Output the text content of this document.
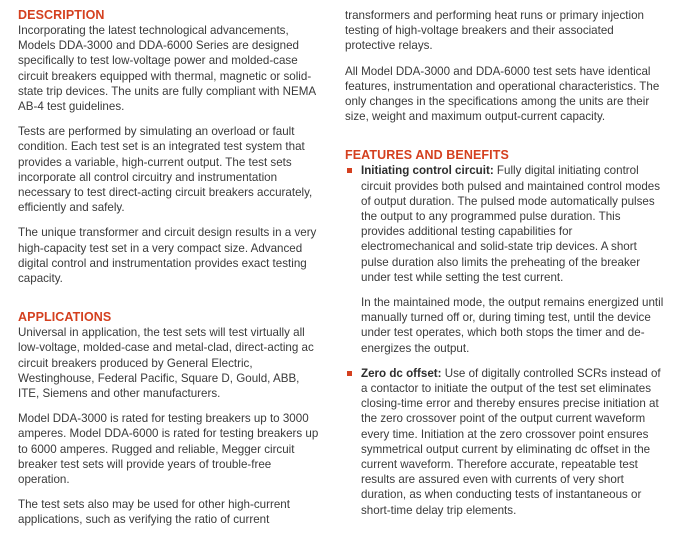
DESCRIPTION

Incorporating the latest technological advancements, Models DDA-3000 and DDA-6000 Series are designed specifically to test low-voltage power and molded-case circuit breakers equipped with thermal, magnetic or solid-state trip devices. The units are fully compliant with NEMA AB-4 test guidelines.

Tests are performed by simulating an overload or fault condition. Each test set is an integrated test system that provides a variable, high-current output. The test sets incorporate all control circuitry and instrumentation necessary to test direct-acting circuit breakers accurately, efficiently and safely.

The unique transformer and circuit design results in a very high-capacity test set in a very compact size. Advanced digital control and instrumentation provides exact testing capacity.

APPLICATIONS

Universal in application, the test sets will test virtually all low-voltage, molded-case and metal-clad, direct-acting ac circuit breakers produced by General Electric, Westinghouse, Federal Pacific, Square D, Gould, ABB, ITE, Siemens and other manufacturers.

Model DDA-3000 is rated for testing breakers up to 3000 amperes. Model DDA-6000 is rated for testing breakers up to 6000 amperes. Rugged and reliable, Megger circuit breaker test sets will provide years of trouble-free operation.

The test sets also may be used for other high-current applications, such as verifying the ratio of current

transformers and performing heat runs or primary injection testing of high-voltage breakers and their associated protective relays.

All Model DDA-3000 and DDA-6000 test sets have identical features, instrumentation and operational characteristics. The only changes in the specifications among the units are their size, weight and maximum output-current capacity.

FEATURES AND BENEFITS
Initiating control circuit: Fully digital initiating control circuit provides both pulsed and maintained control modes of output duration. The pulsed mode automatically pulses the output to any programmed pulse duration. This provides additional testing capabilities for electromechanical and solid-state trip devices. A short pulse duration also limits the preheating of the breaker under test while setting the test current.

In the maintained mode, the output remains energized until manually turned off or, during timing test, until the device under test operates, which both stops the timer and de-energizes the output.

Zero dc offset: Use of digitally controlled SCRs instead of a contactor to initiate the output of the test set eliminates closing-time error and thereby ensures precise initiation at the zero crossover point of the output current waveform every time. Initiation at the zero crossover point ensures symmetrical output current by eliminating dc offset in the current waveform. Therefore accurate, repeatable test results are assured even with currents of very short duration, as when conducting tests of instantaneous or short-time delay trip elements.
